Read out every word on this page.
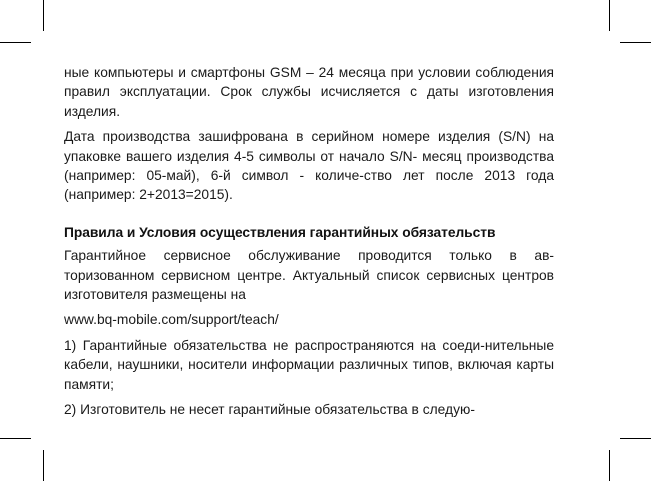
ные компьютеры и смартфоны GSM – 24 месяца при условии соблюдения правил эксплуатации. Срок службы исчисляется с даты изготовления изделия.

Дата производства зашифрована в серийном номере изделия (S/N) на упаковке вашего изделия 4-5 символы от начало S/N- месяц производства (например: 05-май), 6-й символ - количе-ство лет после 2013 года (например: 2+2013=2015).

Правила и Условия осуществления гарантийных обязательств

Гарантийное сервисное обслуживание проводится только в ав-торизованном сервисном центре. Актуальный список сервисных центров изготовителя размещены на

www.bq-mobile.com/support/teach/

1) Гарантийные обязательства не распространяются на соеди-нительные кабели, наушники, носители информации различных типов, включая карты памяти;

2) Изготовитель не несет гарантийные обязательства в следую-
